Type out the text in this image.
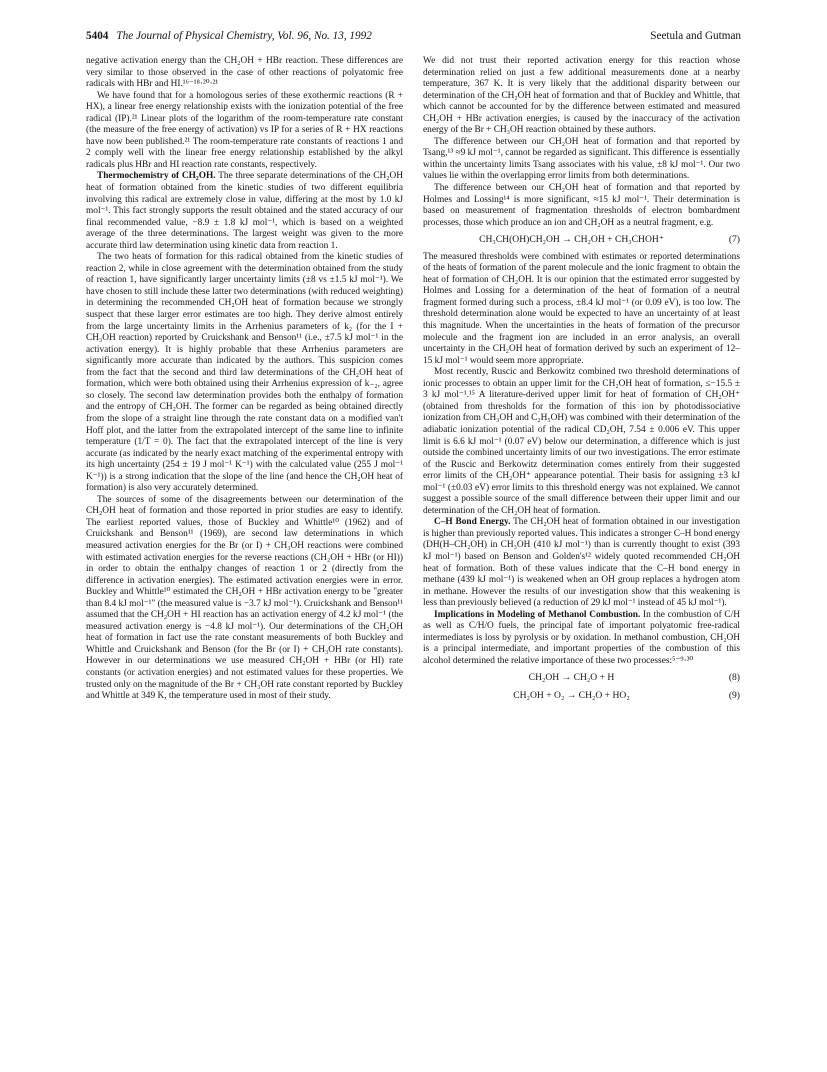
5404 The Journal of Physical Chemistry, Vol. 96, No. 13, 1992	Seetula and Gutman

negative activation energy than the CH₂OH + HBr reaction. These differences are very similar to those observed in the case of other reactions of polyatomic free radicals with HBr and HI.¹⁶⁻¹⁸·²⁰·²¹

We have found that for a homologous series of these exothermic reactions (R + HX), a linear free energy relationship exists with the ionization potential of the free radical (IP).²¹ Linear plots of the logarithm of the room-temperature rate constant (the measure of the free energy of activation) vs IP for a series of R + HX reactions have now been published.²¹ The room-temperature rate constants of reactions 1 and 2 comply well with the linear free energy relationship established by the alkyl radicals plus HBr and HI reaction rate constants, respectively.

Thermochemistry of CH₂OH. The three separate determinations of the CH₂OH heat of formation obtained from the kinetic studies of two different equilibria involving this radical are extremely close in value, differing at the most by 1.0 kJ mol⁻¹. This fact strongly supports the result obtained and the stated accuracy of our final recommended value, −8.9 ± 1.8 kJ mol⁻¹, which is based on a weighted average of the three determinations. The largest weight was given to the more accurate third law determination using kinetic data from reaction 1.

The two heats of formation for this radical obtained from the kinetic studies of reaction 2, while in close agreement with the determination obtained from the study of reaction 1, have significantly larger uncertainty limits (±8 vs ±1.5 kJ mol⁻¹). We have chosen to still include these latter two determinations (with reduced weighting) in determining the recommended CH₂OH heat of formation because we strongly suspect that these larger error estimates are too high. They derive almost entirely from the large uncertainty limits in the Arrhenius parameters of k₂ (for the I + CH₃OH reaction) reported by Cruickshank and Benson¹¹ (i.e., ±7.5 kJ mol⁻¹ in the activation energy). It is highly probable that these Arrhenius parameters are significantly more accurate than indicated by the authors. This suspicion comes from the fact that the second and third law determinations of the CH₂OH heat of formation, which were both obtained using their Arrhenius expression of k₋₂, agree so closely. The second law determination provides both the enthalpy of formation and the entropy of CH₂OH. The former can be regarded as being obtained directly from the slope of a straight line through the rate constant data on a modified van't Hoff plot, and the latter from the extrapolated intercept of the same line to infinite temperature (1/T = 0). The fact that the extrapolated intercept of the line is very accurate (as indicated by the nearly exact matching of the experimental entropy with its high uncertainty (254 ± 19 J mol⁻¹ K⁻¹) with the calculated value (255 J mol⁻¹ K⁻¹)) is a strong indication that the slope of the line (and hence the CH₂OH heat of formation) is also very accurately determined.

The sources of some of the disagreements between our determination of the CH₂OH heat of formation and those reported in prior studies are easy to identify. The earliest reported values, those of Buckley and Whittle¹⁰ (1962) and of Cruickshank and Benson¹¹ (1969), are second law determinations in which measured activation energies for the Br (or I) + CH₃OH reactions were combined with estimated activation energies for the reverse reactions (CH₂OH + HBr (or HI)) in order to obtain the enthalpy changes of reaction 1 or 2 (directly from the difference in activation energies). The estimated activation energies were in error. Buckley and Whittle¹⁰ estimated the CH₂OH + HBr activation energy to be "greater than 8.4 kJ mol⁻¹" (the measured value is −3.7 kJ mol⁻¹). Cruickshank and Benson¹¹ assumed that the CH₂OH + HI reaction has an activation energy of 4.2 kJ mol⁻¹ (the measured activation energy is −4.8 kJ mol⁻¹). Our determinations of the CH₂OH heat of formation in fact use the rate constant measurements of both Buckley and Whittle and Cruickshank and Benson (for the Br (or I) + CH₃OH rate constants). However in our determinations we use measured CH₂OH + HBr (or HI) rate constants (or activation energies) and not estimated values for these properties. We trusted only on the magnitude of the Br + CH₃OH rate constant reported by Buckley and Whittle at 349 K, the temperature used in most of their study.

We did not trust their reported activation energy for this reaction whose determination relied on just a few additional measurements done at a nearby temperature, 367 K. It is very likely that the additional disparity between our determination of the CH₂OH heat of formation and that of Buckley and Whittle, that which cannot be accounted for by the difference between estimated and measured CH₂OH + HBr activation energies, is caused by the inaccuracy of the activation energy of the Br + CH₃OH reaction obtained by these authors.

The difference between our CH₂OH heat of formation and that reported by Tsang,¹³ ≈9 kJ mol⁻¹, cannot be regarded as significant. This difference is essentially within the uncertainty limits Tsang associates with his value, ±8 kJ mol⁻¹. Our two values lie within the overlapping error limits from both determinations.

The difference between our CH₂OH heat of formation and that reported by Holmes and Lossing¹⁴ is more significant, ≈15 kJ mol⁻¹. Their determination is based on measurement of fragmentation thresholds of electron bombardment processes, those which produce an ion and CH₂OH as a neutral fragment, e.g.

CH₃CH(OH)CH₂OH → CH₂OH + CH₃CHOH⁺	(7)

The measured thresholds were combined with estimates or reported determinations of the heats of formation of the parent molecule and the ionic fragment to obtain the heat of formation of CH₂OH. It is our opinion that the estimated error suggested by Holmes and Lossing for a determination of the heat of formation of a neutral fragment formed during such a process, ±8.4 kJ mol⁻¹ (or 0.09 eV), is too low. The threshold determination alone would be expected to have an uncertainty of at least this magnitude. When the uncertainties in the heats of formation of the precursor molecule and the fragment ion are included in an error analysis, an overall uncertainty in the CH₂OH heat of formation derived by such an experiment of 12–15 kJ mol⁻¹ would seem more appropriate.

Most recently, Ruscic and Berkowitz combined two threshold determinations of ionic processes to obtain an upper limit for the CH₂OH heat of formation, ≤−15.5 ± 3 kJ mol⁻¹.¹⁵ A literature-derived upper limit for heat of formation of CH₂OH⁺ (obtained from thresholds for the formation of this ion by photodissociative ionization from CH₃OH and C₂H₅OH) was combined with their determination of the adiabatic ionization potential of the radical CD₂OH, 7.54 ± 0.006 eV. This upper limit is 6.6 kJ mol⁻¹ (0.07 eV) below our determination, a difference which is just outside the combined uncertainty limits of our two investigations. The error estimate of the Ruscic and Berkowitz determination comes entirely from their suggested error limits of the CH₂OH⁺ appearance potential. Their basis for assigning ±3 kJ mol⁻¹ (±0.03 eV) error limits to this threshold energy was not explained. We cannot suggest a possible source of the small difference between their upper limit and our determination of the CH₂OH heat of formation.

C–H Bond Energy. The CH₂OH heat of formation obtained in our investigation is higher than previously reported values. This indicates a stronger C–H bond energy (DH(H–CH₂OH) in CH₃OH (410 kJ mol⁻¹) than is currently thought to exist (393 kJ mol⁻¹) based on Benson and Golden's¹² widely quoted recommended CH₂OH heat of formation. Both of these values indicate that the C–H bond energy in methane (439 kJ mol⁻¹) is weakened when an OH group replaces a hydrogen atom in methane. However the results of our investigation show that this weakening is less than previously believed (a reduction of 29 kJ mol⁻¹ instead of 45 kJ mol⁻¹).

Implications in Modeling of Methanol Combustion. In the combustion of C/H as well as C/H/O fuels, the principal fate of important polyatomic free-radical intermediates is loss by pyrolysis or by oxidation. In methanol combustion, CH₂OH is a principal intermediate, and important properties of the combustion of this alcohol determined the relative importance of these two processes:⁵⁻⁹·³⁰

CH₂OH → CH₂O + H	(8)
CH₂OH + O₂ → CH₂O + HO₂	(9)
